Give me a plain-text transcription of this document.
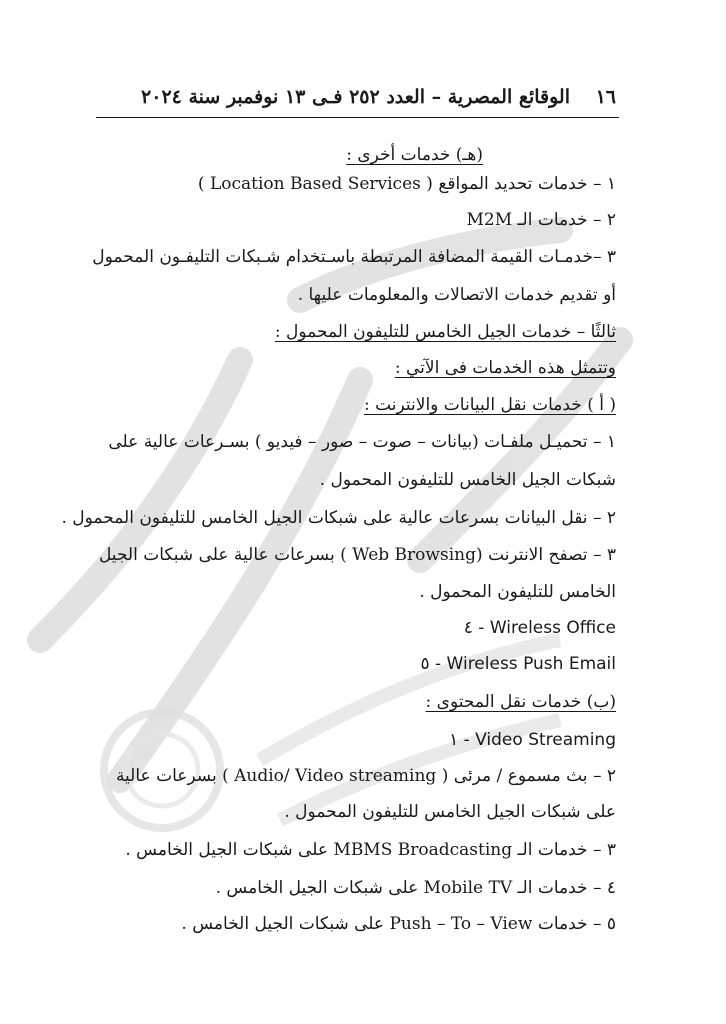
١٦
الوقائع المصرية – العدد ٢٥٢ فـى ١٣ نوفمبر سنة ٢٠٢٤
(هـ) خدمات أخرى :
١ – خدمات تحديد المواقع ( Location Based Services )
٢ – خدمات الـ M2M
٣ –خدمـات القيمة المضافة المرتبطة باسـتخدام شـبكات التليفـون المحمول
أو تقديم خدمات الاتصالات والمعلومات عليها .
ثالثًا – خدمات الجيل الخامس للتليفون المحمول :
وتتمثل هذه الخدمات فى الآتي :
( أ ) خدمات نقل البيانات والانترنت :
١ – تحميـل ملفـات (بيانات – صوت – صور – فيديو ) بسـرعات عالية على
شبكات الجيل الخامس للتليفون المحمول .
٢ – نقل البيانات بسرعات عالية على شبكات الجيل الخامس للتليفون المحمول .
٣ – تصفح الانترنت (Web Browsing ) بسرعات عالية على شبكات الجيل
الخامس للتليفون المحمول .
٤ - Wireless Office
٥ - Wireless Push Email
(ب) خدمات نقل المحتوى :
١ - Video Streaming
٢ – بث مسموع / مرئى ( Audio/ Video streaming ) بسرعات عالية
على شبكات الجيل الخامس للتليفون المحمول .
٣ – خدمات الـ MBMS Broadcasting على شبكات الجيل الخامس .
٤ – خدمات الـ Mobile TV على شبكات الجيل الخامس .
٥ – خدمات Push – To – View على شبكات الجيل الخامس .
